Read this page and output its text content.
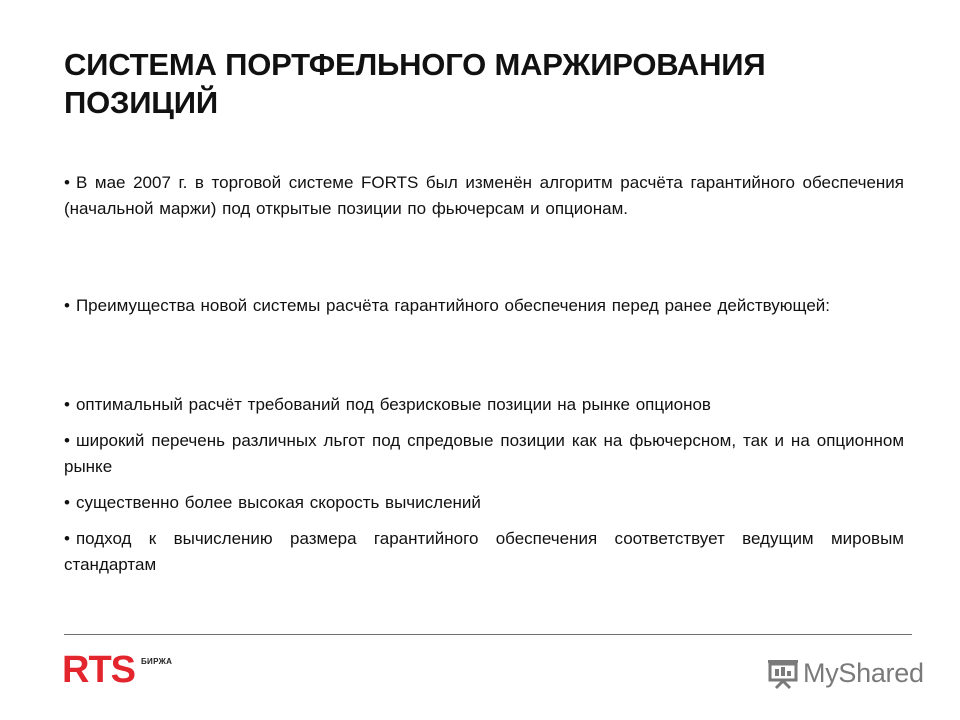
СИСТЕМА ПОРТФЕЛЬНОГО МАРЖИРОВАНИЯ
ПОЗИЦИЙ

• В мае 2007 г. в торговой системе FORTS был изменён алгоритм расчёта гарантийного обеспечения (начальной маржи) под открытые позиции по фьючерсам и опционам.

• Преимущества новой системы расчёта гарантийного обеспечения перед ранее действующей:

• оптимальный расчёт требований под безрисковые позиции на рынке опционов

• широкий перечень различных льгот под спредовые позиции как на фьючерсном, так и на опционном рынке

• существенно более высокая скорость вычислений

• подход к вычислению размера гарантийного обеспечения соответствует ведущим мировым стандартам

RTS БИРЖА	MyShared
